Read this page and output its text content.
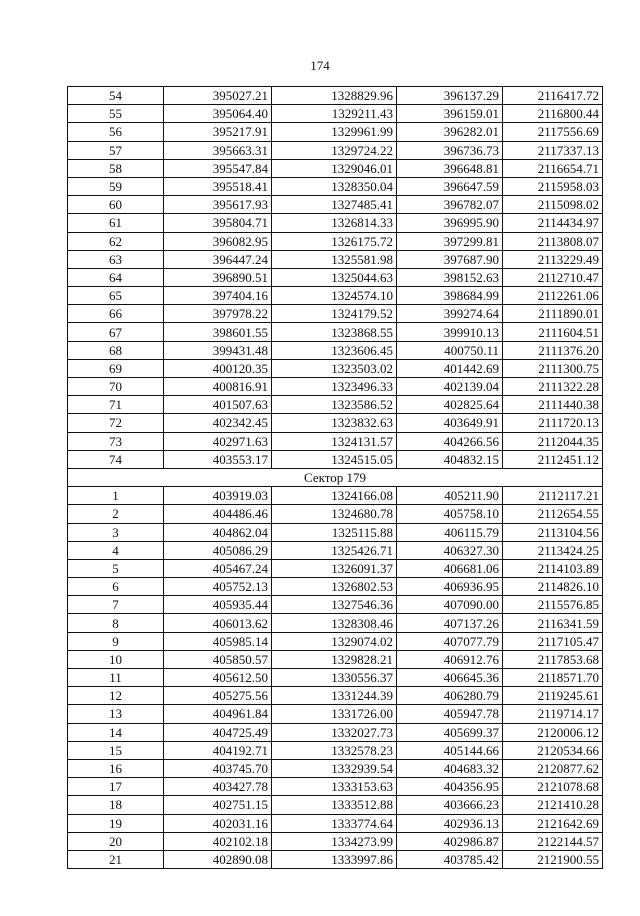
174
54	395027.21	1328829.96	396137.29	2116417.72
55	395064.40	1329211.43	396159.01	2116800.44
56	395217.91	1329961.99	396282.01	2117556.69
57	395663.31	1329724.22	396736.73	2117337.13
58	395547.84	1329046.01	396648.81	2116654.71
59	395518.41	1328350.04	396647.59	2115958.03
60	395617.93	1327485.41	396782.07	2115098.02
61	395804.71	1326814.33	396995.90	2114434.97
62	396082.95	1326175.72	397299.81	2113808.07
63	396447.24	1325581.98	397687.90	2113229.49
64	396890.51	1325044.63	398152.63	2112710.47
65	397404.16	1324574.10	398684.99	2112261.06
66	397978.22	1324179.52	399274.64	2111890.01
67	398601.55	1323868.55	399910.13	2111604.51
68	399431.48	1323606.45	400750.11	2111376.20
69	400120.35	1323503.02	401442.69	2111300.75
70	400816.91	1323496.33	402139.04	2111322.28
71	401507.63	1323586.52	402825.64	2111440.38
72	402342.45	1323832.63	403649.91	2111720.13
73	402971.63	1324131.57	404266.56	2112044.35
74	403553.17	1324515.05	404832.15	2112451.12
Сектор 179				
1	403919.03	1324166.08	405211.90	2112117.21
2	404486.46	1324680.78	405758.10	2112654.55
3	404862.04	1325115.88	406115.79	2113104.56
4	405086.29	1325426.71	406327.30	2113424.25
5	405467.24	1326091.37	406681.06	2114103.89
6	405752.13	1326802.53	406936.95	2114826.10
7	405935.44	1327546.36	407090.00	2115576.85
8	406013.62	1328308.46	407137.26	2116341.59
9	405985.14	1329074.02	407077.79	2117105.47
10	405850.57	1329828.21	406912.76	2117853.68
11	405612.50	1330556.37	406645.36	2118571.70
12	405275.56	1331244.39	406280.79	2119245.61
13	404961.84	1331726.00	405947.78	2119714.17
14	404725.49	1332027.73	405699.37	2120006.12
15	404192.71	1332578.23	405144.66	2120534.66
16	403745.70	1332939.54	404683.32	2120877.62
17	403427.78	1333153.63	404356.95	2121078.68
18	402751.15	1333512.88	403666.23	2121410.28
19	402031.16	1333774.64	402936.13	2121642.69
20	402102.18	1334273.99	402986.87	2122144.57
21	402890.08	1333997.86	403785.42	2121900.55
